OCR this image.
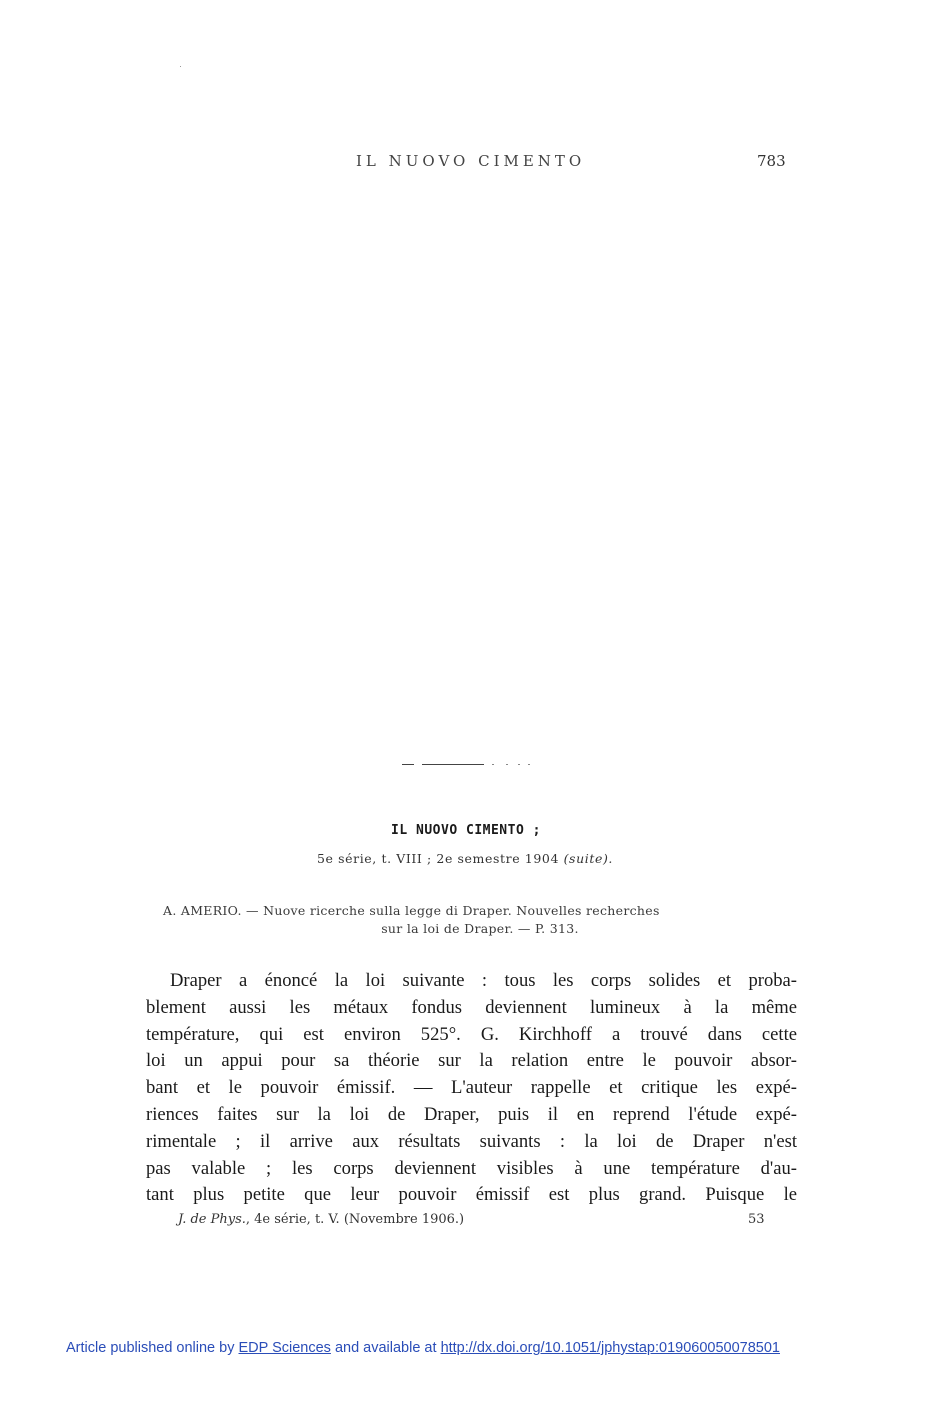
IL NUOVO CIMENTO	783
IL NUOVO CIMENTO ;
5e série, t. VIII ; 2e semestre 1904 (suite).
A. AMERIO. — Nuove ricerche sulla legge di Draper. Nouvelles recherches
sur la loi de Draper. — P. 313.
Draper a énoncé la loi suivante : tous les corps solides et proba-
blement aussi les métaux fondus deviennent lumineux à la même
température, qui est environ 525°. G. Kirchhoff a trouvé dans cette
loi un appui pour sa théorie sur la relation entre le pouvoir absor-
bant et le pouvoir émissif. — L'auteur rappelle et critique les expé-
riences faites sur la loi de Draper, puis il en reprend l'étude expé-
rimentale ; il arrive aux résultats suivants : la loi de Draper n'est
pas valable ; les corps deviennent visibles à une température d'au-
tant plus petite que leur pouvoir émissif est plus grand. Puisque le
J. de Phys., 4e série, t. V. (Novembre 1906.)	53
Article published online by EDP Sciences and available at http://dx.doi.org/10.1051/jphystap:019060050078501
